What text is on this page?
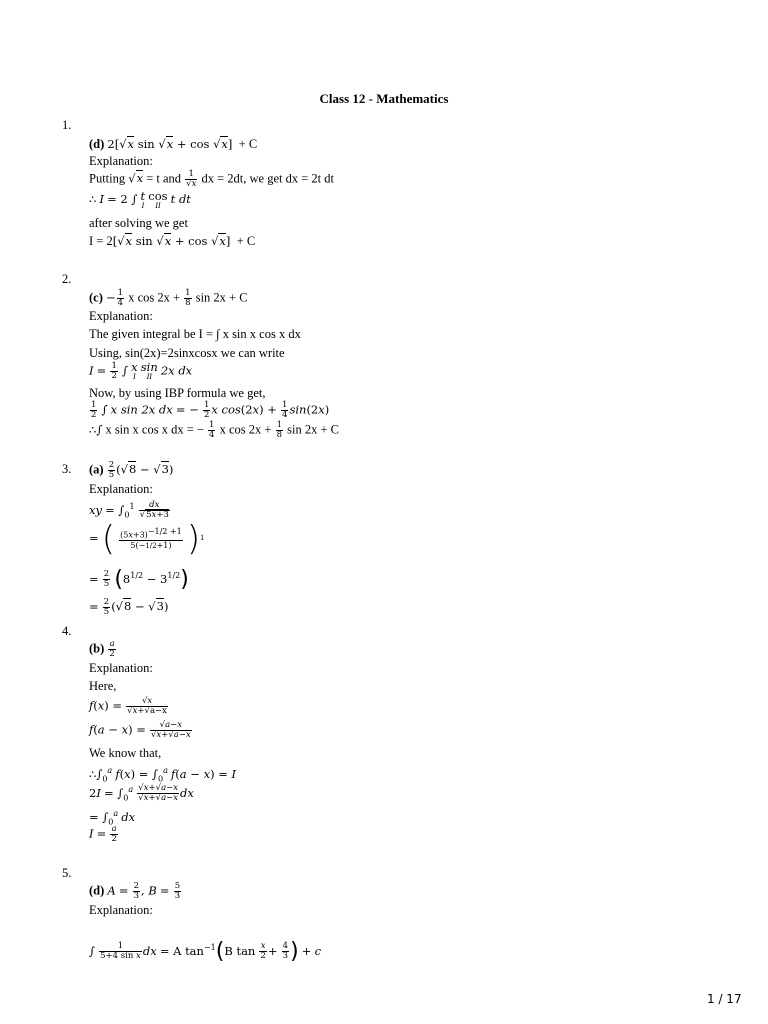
Class 12 - Mathematics
1.
(d) 2[√x sin √x + cos √x]  + C
Explanation:
Putting √x = t and $\frac{1}{√x}$ dx = 2dt, we get dx = 2t dt
∴ I = 2 ∫ t
I

cos
II t dt
after solving we get
I = 2[√x sin √x + cos √x] + C
2.
$(c) - \frac{1}{4}$ x $\cos 2x + \frac{1}{8}$ sin 2x + C
Explanation:
The given integral be I = ∫ x sin x cos x dx
Using, sin(2x)=2sinxcosx we can write
$I = \frac{1}{2}$ ∫ x
I

sin
II 2x dx
Now, by using IBP formula we get,
$\frac{1}{2}$ ∫ x sin 2x dx = − $\frac{1}{2}$ x $\cos(2x) + \frac{1}{4} \sin(2x)$
∴∫ x sin x cos x dx = − $\frac{1}{4}$ x $\cos 2x + \frac{1}{8}$ sin 2x + C
3. $(a) \frac{2}{5} (√8 - √3)$
Explanation:
xy = $\int_0^1 \frac{dx}{√5x+3}$
= ( $\frac{(5x+3)^{-1/2 +1}}{5(-1/2+1)} )^1$
= $\frac{2}{5} (8^{1/2} - 3^{1/2})$
= $\frac{2}{5} (√8 - √3)$
4.
$(b) \frac{a}{2}$
Explanation:
Here,
$f(x) = \frac{√x}{√x+√a-x}$
$f(a - x) = \frac{√a-x}{√x+√a-x}$
We know that,
$\therefore\int_0^a$ $f(x) = \int_0^a$ f(a − x) = I
$2I = \int_0^a \frac{√x+√a-x}{√x+√a-x}$ dx
= $\int_0^a$ dx
$I = \frac{a}{2}$
5.
(d) $A = \frac{2}{3}$ , $B = \frac{5}{3}$
Explanation:
∫ $\frac{1}{\text{5+4 sin x}}$ dx = A $\tan^{-1}(B$ $\tan \frac{x}{2} + \frac{4}{3}$ ) + c
1 / 17
